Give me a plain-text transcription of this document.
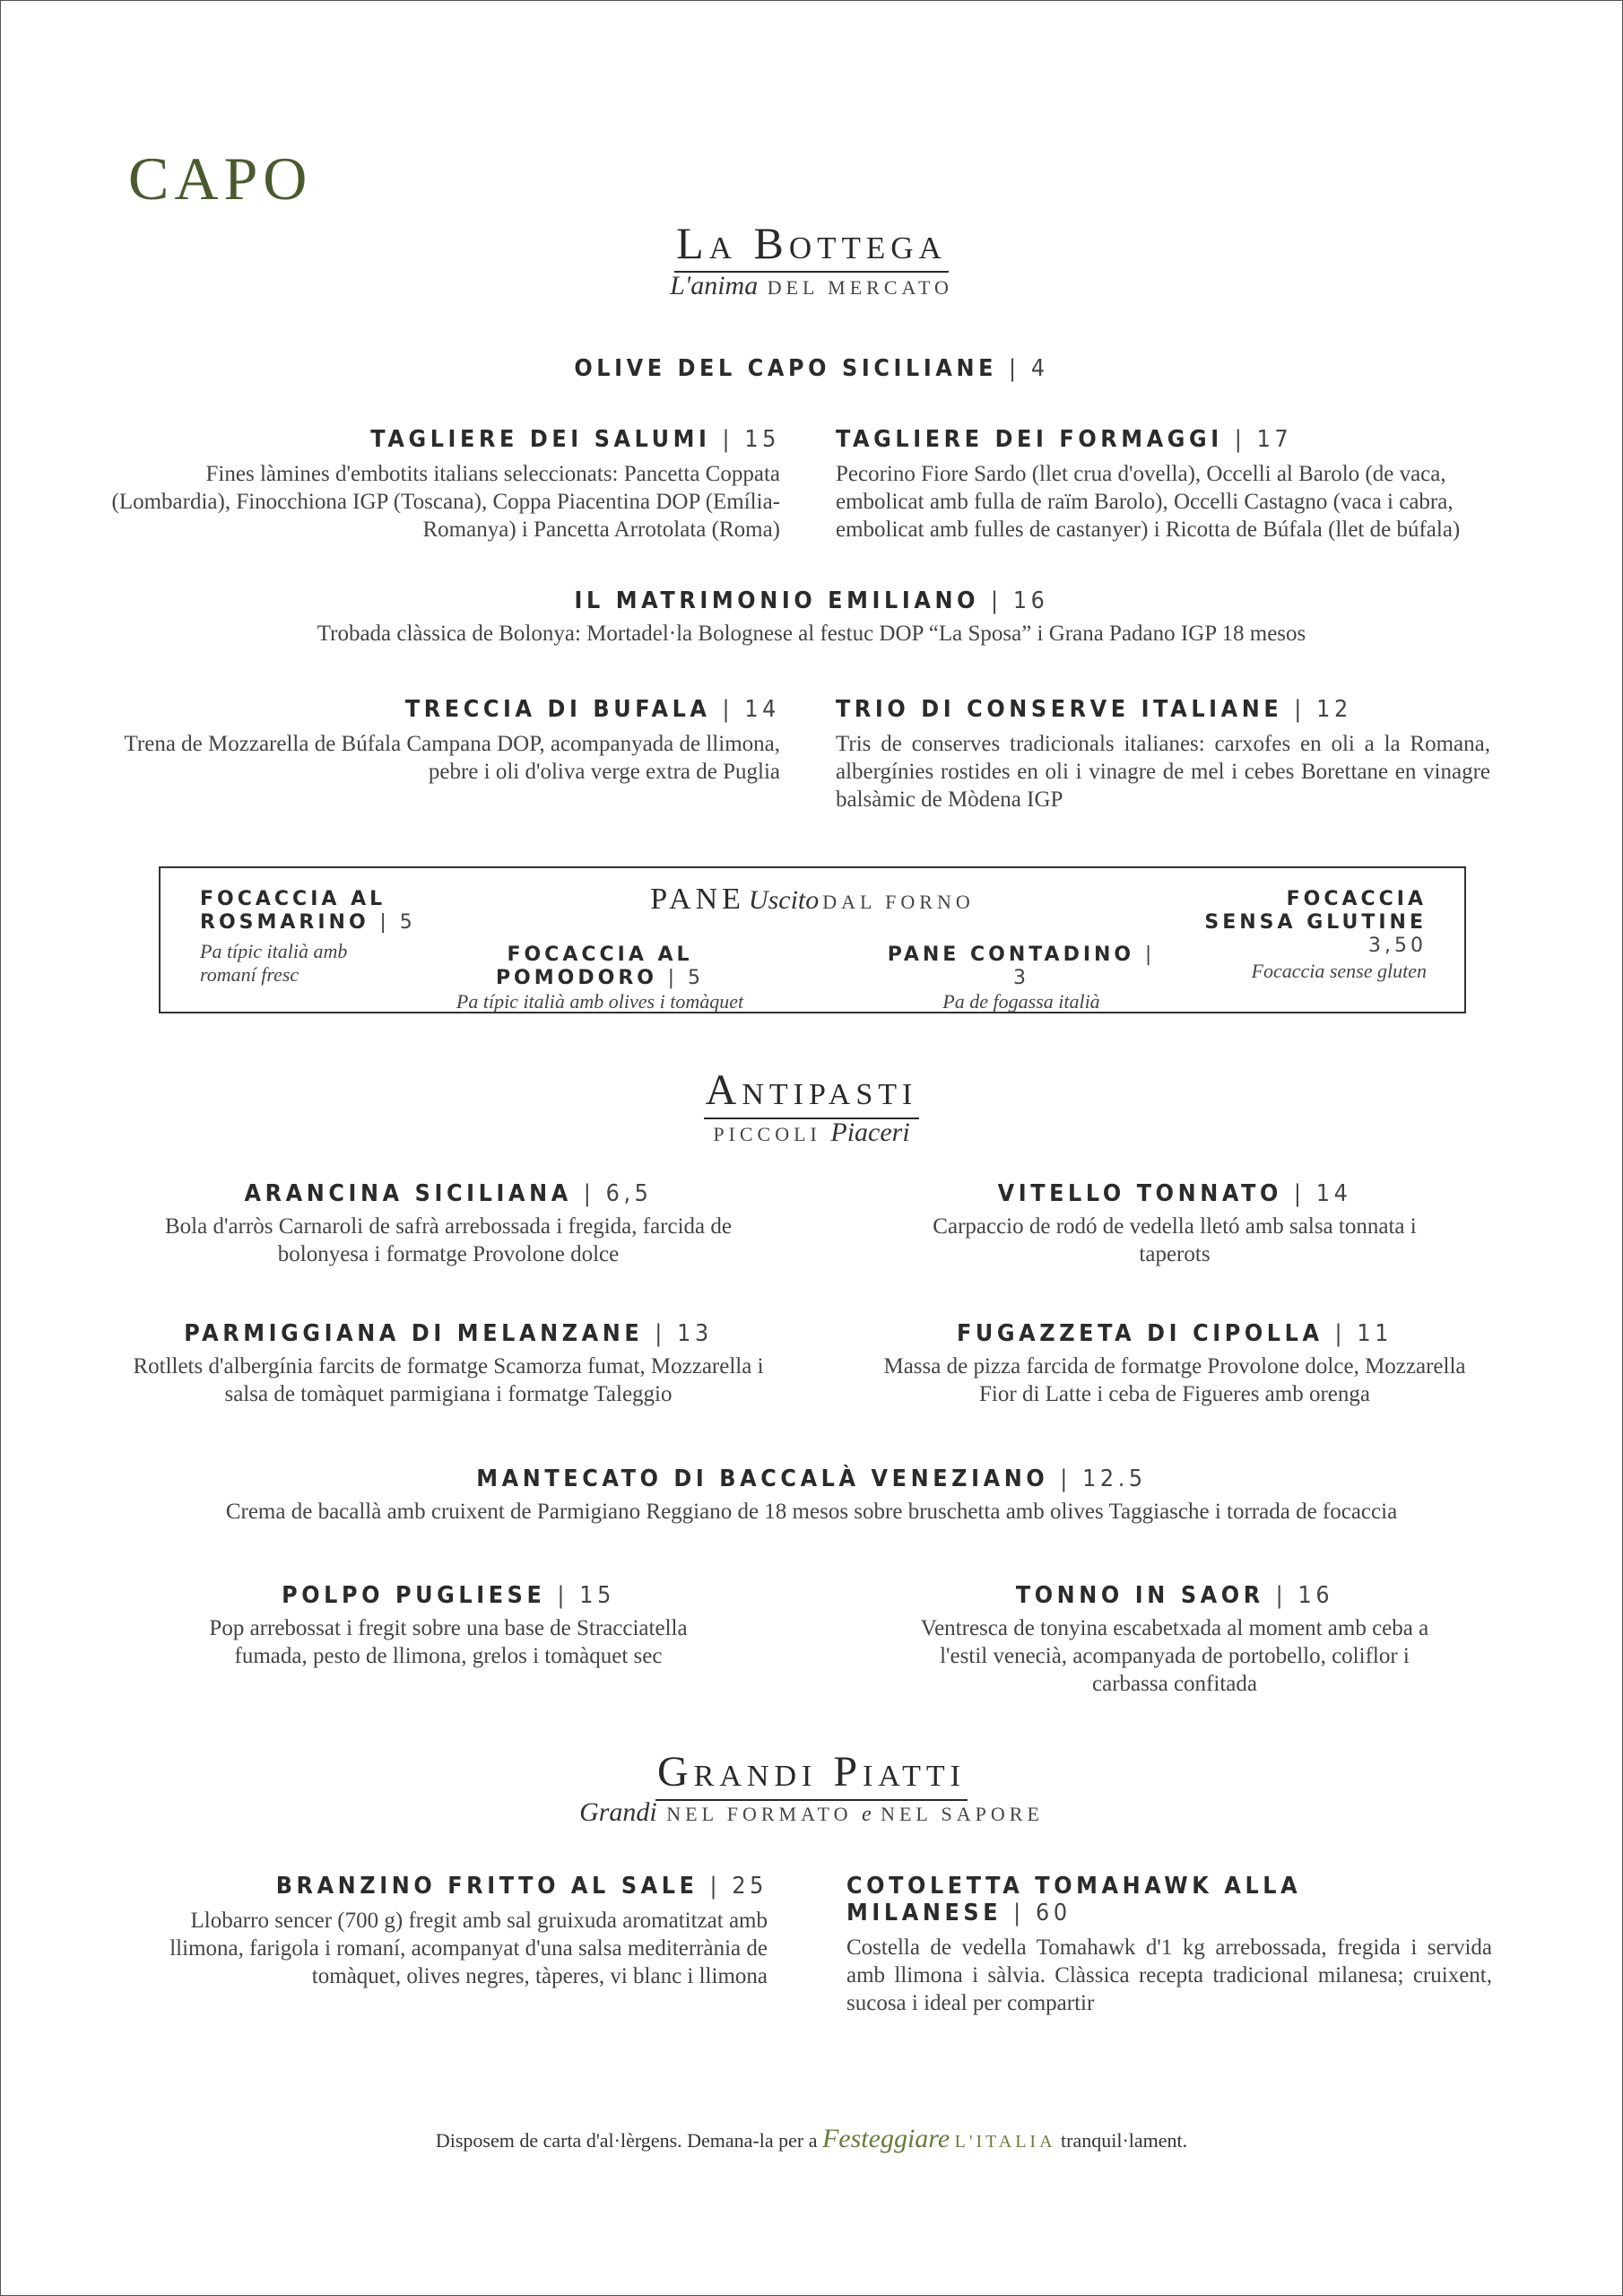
CAPO
La Bottega
L'anima DEL MERCATO
OLIVE DEL CAPO SICILIANE | 4
TAGLIERE DEI SALUMI | 15
Fines làmines d'embotits italians seleccionats: Pancetta Coppata (Lombardia), Finocchiona IGP (Toscana), Coppa Piacentina DOP (Emília-Romanya) i Pancetta Arrotolata (Roma)
TAGLIERE DEI FORMAGGI | 17
Pecorino Fiore Sardo (llet crua d'ovella), Occelli al Barolo (de vaca, embolicat amb fulla de raïm Barolo), Occelli Castagno (vaca i cabra, embolicat amb fulles de castanyer) i Ricotta de Búfala (llet de búfala)
IL MATRIMONIO EMILIANO | 16
Trobada clàssica de Bolonya: Mortadel·la Bolognese al festuc DOP “La Sposa” i Grana Padano IGP 18 mesos
TRECCIA DI BUFALA | 14
Trena de Mozzarella de Búfala Campana DOP, acompanyada de llimona, pebre i oli d'oliva verge extra de Puglia
TRIO DI CONSERVE ITALIANE | 12
Tris de conserves tradicionals italianes: carxofes en oli a la Romana, albergínies rostides en oli i vinagre de mel i cebes Borettane en vinagre balsàmic de Mòdena IGP
PANE Uscito DAL FORNO
FOCACCIA AL
ROSMARINO | 5
Pa típic italià amb romaní fresc
FOCACCIA AL POMODORO | 5
Pa típic italià amb olives i tomàquet
PANE CONTADINO | 3
Pa de fogassa italià
FOCACCIA
SENSA GLUTINE
3,50
Focaccia sense gluten
Antipasti
PICCOLI Piaceri
ARANCINA SICILIANA | 6,5
Bola d'arròs Carnaroli de safrà arrebossada i fregida, farcida de bolonyesa i formatge Provolone dolce
VITELLO TONNATO | 14
Carpaccio de rodó de vedella lletó amb salsa tonnata i taperots
PARMIGGIANA DI MELANZANE | 13
Rotllets d'albergínia farcits de formatge Scamorza fumat, Mozzarella i salsa de tomàquet parmigiana i formatge Taleggio
FUGAZZETA DI CIPOLLA | 11
Massa de pizza farcida de formatge Provolone dolce, Mozzarella Fior di Latte i ceba de Figueres amb orenga
MANTECATO DI BACCALÀ VENEZIANO | 12.5
Crema de bacallà amb cruixent de Parmigiano Reggiano de 18 mesos sobre bruschetta amb olives Taggiasche i torrada de focaccia
POLPO PUGLIESE | 15
Pop arrebossat i fregit sobre una base de Stracciatella fumada, pesto de llimona, grelos i tomàquet sec
TONNO IN SAOR | 16
Ventresca de tonyina escabetxada al moment amb ceba a l'estil venecià, acompanyada de portobello, coliflor i carbassa confitada
Grandi Piatti
Grandi NEL FORMATO e NEL SAPORE
BRANZINO FRITTO AL SALE | 25
Llobarro sencer (700 g) fregit amb sal gruixuda aromatitzat amb llimona, farigola i romaní, acompanyat d'una salsa mediterrània de tomàquet, olives negres, tàperes, vi blanc i llimona
COTOLETTA TOMAHAWK ALLA MILANESE | 60
Costella de vedella Tomahawk d'1 kg arrebossada, fregida i servida amb llimona i sàlvia. Clàssica recepta tradicional milanesa; cruixent, sucosa i ideal per compartir
Disposem de carta d'al·lèrgens. Demana-la per a Festeggiare L'ITALIA tranquil·lament.
